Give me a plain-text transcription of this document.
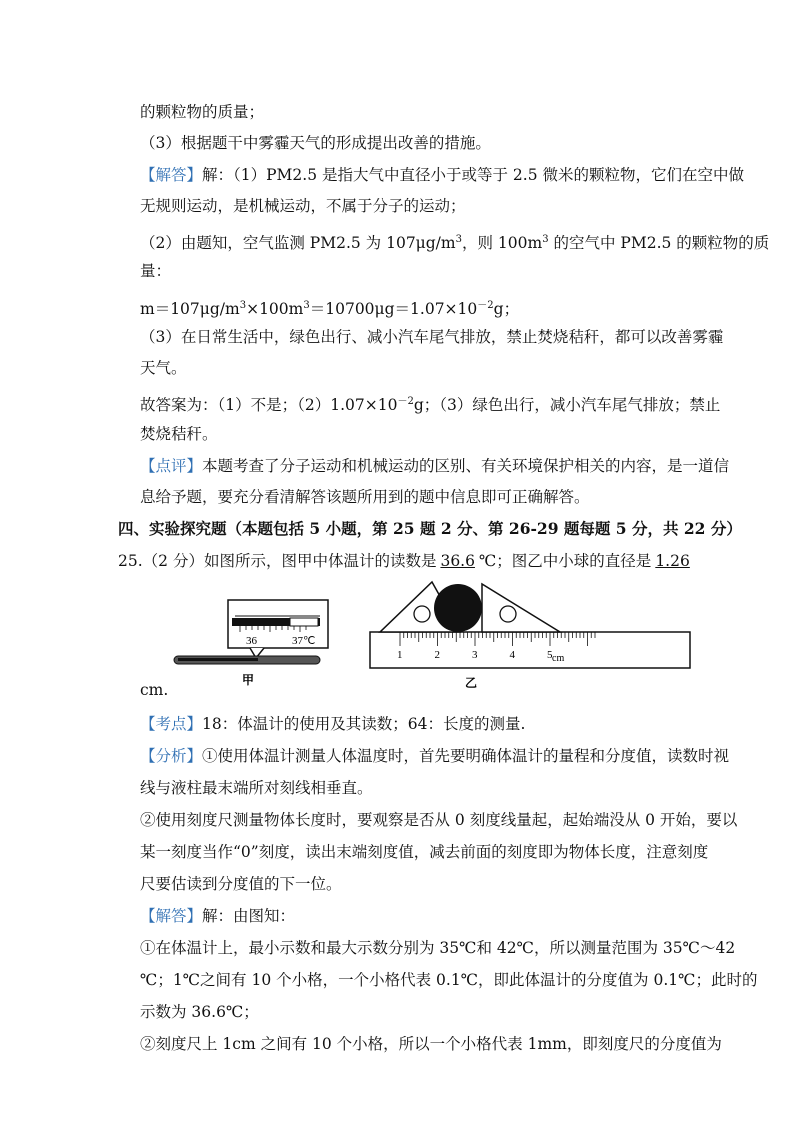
的颗粒物的质量；
（3）根据题干中雾霾天气的形成提出改善的措施。
【解答】解：（1）PM2.5 是指大气中直径小于或等于 2.5 微米的颗粒物，它们在空中做
无规则运动，是机械运动，不属于分子的运动；
（2）由题知，空气监测 PM2.5 为 $107\mu g/m^3$，则 $100m^3$ 的空气中 PM2.5 的颗粒物的质
量：
$m=107\mu g/m^3\times 100m^3=10700\mu g=1.07\times 10^{-2}g$；
（3）在日常生活中，绿色出行、减小汽车尾气排放，禁止焚烧秸秆，都可以改善雾霾
天气。
故答案为：（1）不是；$(2)1.07\times 10^{-2}g$；（3）绿色出行，减小汽车尾气排放；禁止
焚烧秸秆。
【点评】本题考查了分子运动和机械运动的区别、有关环境保护相关的内容，是一道信
息给予题，要充分看清解答该题所用到的题中信息即可正确解答。
四、实验探究题（本题包括 5 小题，第 25 题 2 分、第 26-29 题每题 5 分，共 22 分）
25.（2 分）如图所示，图甲中体温计的读数是 36.6 ℃；图乙中小球的直径是 1.26
36	37℃
甲
1	2	3	4	5 cm
乙
cm.
【考点】18：体温计的使用及其读数；64：长度的测量.
【分析】①使用体温计测量人体温度时，首先要明确体温计的量程和分度值，读数时视
线与液柱最末端所对刻线相垂直。
②使用刻度尺测量物体长度时，要观察是否从 0 刻度线量起，起始端没从 0 开始，要以
某一刻度当作“0”刻度，读出末端刻度值，减去前面的刻度即为物体长度，注意刻度
尺要估读到分度值的下一位。
【解答】解：由图知：
①在体温计上，最小示数和最大示数分别为 35℃和 42℃，所以测量范围为 35℃～42
℃；1℃之间有 10 个小格，一个小格代表 0.1℃，即此体温计的分度值为 0.1℃；此时的
示数为 36.6℃；
②刻度尺上 1cm 之间有 10 个小格，所以一个小格代表 1mm，即刻度尺的分度值为
